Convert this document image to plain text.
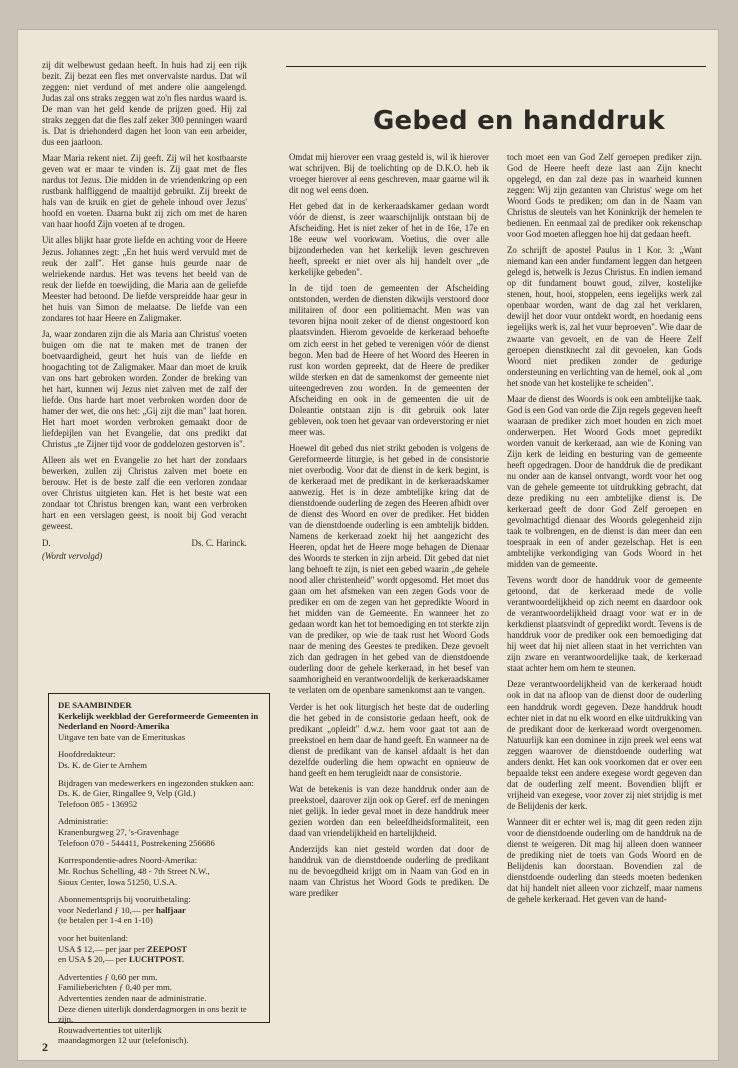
zij dit welbewust gedaan heeft. In huis had zij een rijk bezit. Zij bezat een fles met onvervalste nardus. Dat wil zeggen: niet verdund of met andere olie aangelengd. Judas zal ons straks zeggen wat zo'n fles nardus waard is. De man van het geld kende de prijzen goed. Hij zal straks zeggen dat die fles zalf zeker 300 penningen waard is. Dat is driehonderd dagen het loon van een arbeider, dus een jaarloon.

Maar Maria rekent niet. Zij geeft. Zij wil het kostbaarste geven wat er maar te vinden is. Zij gaat met de fles nardus tot Jezus. Die midden in de vriendenkring op een rustbank halfliggend de maaltijd gebruikt. Zij breekt de hals van de kruik en giet de gehele inhoud over Jezus' hoofd en voeten. Daarna bukt zij zich om met de haren van haar hoofd Zijn voeten af te drogen.

Uit alles blijkt haar grote liefde en achting voor de Heere Jezus. Johannes zegt: „En het huis werd vervuld met de reuk der zalf". Het ganse huis geurde naar de welriekende nardus. Het was tevens het beeld van de reuk der liefde en toewijding, die Maria aan de geliefde Meester had betoond. De liefde verspreidde haar geur in het huis van Simon de melaatse. De liefde van een zondares tot haar Heere en Zaligmaker.

Ja, waar zondaren zijn die als Maria aan Christus' voeten buigen om die nat te maken met de tranen der boetvaardigheid, geurt het huis van de liefde en hoogachting tot de Zaligmaker. Maar dan moet de kruik van ons hart gebroken worden. Zonder de breking van het hart, kunnen wij Jezus niet zalven met de zalf der liefde. Ons harde hart moet verbroken worden door de hamer der wet, die ons het: „Gij zijt die man" laat horen. Het hart moet worden verbroken gemaakt door de liefdepijlen van het Evangelie, dat ons predikt dat Christus „te Zijner tijd voor de goddelozen gestorven is".

Alleen als wet en Evangelie zo het hart der zondaars bewerken, zullen zij Christus zalven met boete en berouw. Het is de beste zalf die een verloren zondaar over Christus uitgieten kan. Het is het beste wat een zondaar tot Christus brengen kan, want een verbroken hart en een verslagen geest, is nooit bij God veracht geweest.

D.	Ds. C. Harinck.
(Wordt vervolgd)
Gebed en handdruk

Omdat mij hierover een vraag gesteld is, wil ik hierover wat schrijven. Bij de toelichting op de D.K.O. heb ik vroeger hierover al eens geschreven, maar gaarne wil ik dit nog wel eens doen.

Het gebed dat in de kerkeraadskamer gedaan wordt vóór de dienst, is zeer waarschijnlijk ontstaan bij de Afscheiding. Het is niet zeker of het in de 16e, 17e en 18e eeuw wel voorkwam. Voetius, die over alle bijzonderheden van het kerkelijk leven geschreven heeft, spreekt er niet over als hij handelt over „de kerkelijke gebeden".

In de tijd toen de gemeenten der Afscheiding ontstonden, werden de diensten dikwijls verstoord door militairen of door een politiemacht. Men was van tevoren bijna nooit zeker of de dienst ongestoord kon plaatsvinden. Hierom gevoelde de kerkeraad behoefte om zich eerst in het gebed te verenigen vóór de dienst begon. Men bad de Heere of het Woord des Heeren in rust kon worden gepreekt, dat de Heere de prediker wilde sterken en dat de samenkomst der gemeente niet uiteengedreven zou worden. In de gemeenten der Afscheiding en ook in de gemeenten die uit de Doleantie ontstaan zijn is dit gebruik ook later gebleven, ook toen het gevaar van ordeverstoring er niet meer was.

Hoewel dit gebed dus niet strikt geboden is volgens de Gereformeerde liturgie, is het gebed in de consistorie niet overbodig. Voor dat de dienst in de kerk begint, is de kerkeraad met de predikant in de kerkeraadskamer aanwezig. Het is in deze ambtelijke kring dat de dienstdoende ouderling de zegen des Heeren afbidt over de dienst des Woord en over de prediker. Het bidden van de dienstdoende ouderling is een ambtelijk bidden. Namens de kerkeraad zoekt hij het aangezicht des Heeren, opdat het de Heere moge behagen de Dienaar des Woords te sterken in zijn arbeid. Dit gebed dat niet lang behoeft te zijn, is niet een gebed waarin „de gehele nood aller christenheid" wordt opgesomd. Het moet dus gaan om het afsmeken van een zegen Gods voor de prediker en om de zegen van het gepredikte Woord in het midden van de Gemeente. En wanneer het zo gedaan wordt kan het tot bemoediging en tot sterkte zijn van de prediker, op wie de taak rust het Woord Gods naar de mening des Geestes te prediken. Deze gevoelt zich dan gedragen in het gebed van de dienstdoende ouderling door de gehele kerkeraad, in het besef van saamhorigheid en verantwoordelijk de kerkeraadskamer te verlaten om de openbare samenkomst aan te vangen.

Verder is het ook liturgisch het beste dat de ouderling die het gebed in de consistorie gedaan heeft, ook de predikant „opleidt" d.w.z. hem voor gaat tot aan de preekstoel en hem daar de hand geeft. En wanneer na de dienst de predikant van de kansel afdaalt is het dan dezelfde ouderling die hem opwacht en opnieuw de hand geeft en hem terugleidt naar de consistorie.

Wat de betekenis is van deze handdruk onder aan de preekstoel, daarover zijn ook op Geref. erf de meningen niet gelijk. In ieder geval moet in deze handdruk meer gezien worden dan een beleefdheidsformaliteit, een daad van vriendelijkheid en hartelijkheid.

Anderzijds kan niet gesteld worden dat door de handdruk van de dienstdoende ouderling de predikant nu de bevoegdheid krijgt om in Naam van God en in naam van Christus het Woord Gods te prediken. De ware prediker

toch moet een van God Zelf geroepen prediker zijn. God de Heere heeft deze last aan Zijn knecht opgelegd, en dan zal deze pas in waarheid kunnen zeggen: Wij zijn gezanten van Christus' wege om het Woord Gods te prediken; om dan in de Naam van Christus de sleutels van het Koninkrijk der hemelen te bedienen. En eenmaal zal de prediker ook rekenschap voor God moeten afleggen hoe hij dat gedaan heeft.

Zo schrijft de apostel Paulus in 1 Kor. 3: „Want niemand kan een ander fundament leggen dan hetgeen gelegd is, hetwelk is Jezus Christus. En indien iemand op dit fundament bouwt goud, zilver, kostelijke stenen, hout, hooi, stoppelen, eens iegelijks werk zal openbaar worden, want de dag zal het verklaren, dewijl het door vuur ontdekt wordt, en hoedanig eens iegelijks werk is, zal het vuur beproeven". Wie daar de zwaarte van gevoelt, en de van de Heere Zelf geroepen dienstknecht zal dit gevoelen, kan Gods Woord niet prediken zonder de gedurige ondersteuning en verlichting van de hemel, ook al „om het snode van het kostelijke te scheiden".

Maar de dienst des Woords is ook een ambtelijke taak. God is een God van orde die Zijn regels gegeven heeft waaraan de prediker zich moet houden en zich moet onderwerpen. Het Woord Gods moet gepredikt worden vanuit de kerkeraad, aan wie de Koning van Zijn kerk de leiding en besturing van de gemeente heeft opgedragen. Door de handdruk die de predikant nu onder aan de kansel ontvangt, wordt voor het oog van de gehele gemeente tot uitdrukking gebracht, dat deze prediking nu een ambtelijke dienst is. De kerkeraad geeft de door God Zelf geroepen en gevolmachtigd dienaar des Woords gelegenheid zijn taak te volbrengen, en de dienst is dan meer dan een toespraak in een of ander gezelschap. Het is een ambtelijke verkondiging van Gods Woord in het midden van de gemeente.

Tevens wordt door de handdruk voor de gemeente getoond, dat de kerkeraad mede de volle verantwoordelijkheid op zich neemt en daardoor ook de verantwoordelijkheid draagt voor wat er in de kerkdienst plaatsvindt of gepredikt wordt. Tevens is de handdruk voor de prediker ook een bemoediging dat hij weet dat hij niet alleen staat in het verrichten van zijn zware en verantwoordelijke taak, de kerkeraad staat achter hem om hem te steunen.

Deze verantwoordelijkheid van de kerkeraad houdt ook in dat na afloop van de dienst door de ouderling een handdruk wordt gegeven. Deze handdruk houdt echter niet in dat nu elk woord en elke uitdrukking van de predikant door de kerkeraad wordt overgenomen. Natuurlijk kan een dominee in zijn preek wel eens wat zeggen waarover de dienstdoende ouderling wat anders denkt. Het kan ook voorkomen dat er over een bepaalde tekst een andere exegese wordt gegeven dan dat de ouderling zelf meent. Bovendien blijft er vrijheid van exegese, voor zover zij niet strijdig is met de Belijdenis der kerk.

Wanneer dit er echter wel is, mag dit geen reden zijn voor de dienstdoende ouderling om de handdruk na de dienst te weigeren. Dit mag hij alleen doen wanneer de prediking niet de toets van Gods Woord en de Belijdenis kan doorstaan. Bovendien zal de dienstdoende ouderling dan steeds moeten bedenken dat hij handelt niet alleen voor zichzelf, maar namens de gehele kerkeraad. Het geven van de hand-

DE SAAMBINDER
Kerkelijk weekblad der Gereformeerde Gemeenten in Nederland en Noord-Amerika
Uitgave ten bate van de Emerituskas
Hoofdredakteur:
Ds. K. de Gier te Arnhem
Bijdragen van medewerkers en ingezonden stukken aan:
Ds. K. de Gier, Ringallee 9, Velp (Gld.)
Telefoon 085 - 136952
Administratie:
Kranenburgweg 27, 's-Gravenhage
Telefoon 070 - 544411, Postrekening 256686
Korrespondentie-adres Noord-Amerika:
Mr. Rochus Schelling, 48 - 7th Street N.W.,
Sioux Center, Iowa 51250, U.S.A.
Abonnementsprijs bij vooruitbetaling:
voor Nederland ƒ 10,— per halfjaar
(te betalen per 1-4 en 1-10)
voor het buitenland:
USA $ 12,— per jaar per ZEEPOST
en USA $ 20,— per LUCHTPOST.
Advertenties ƒ 0,60 per mm.
Familieberichten ƒ 0,40 per mm.
Advertenties zenden naar de administratie.
Deze dienen uiterlijk donderdagmorgen in ons bezit te zijn.
Rouwadvertenties tot uiterlijk
maandagmorgen 12 uur (telefonisch).
2
